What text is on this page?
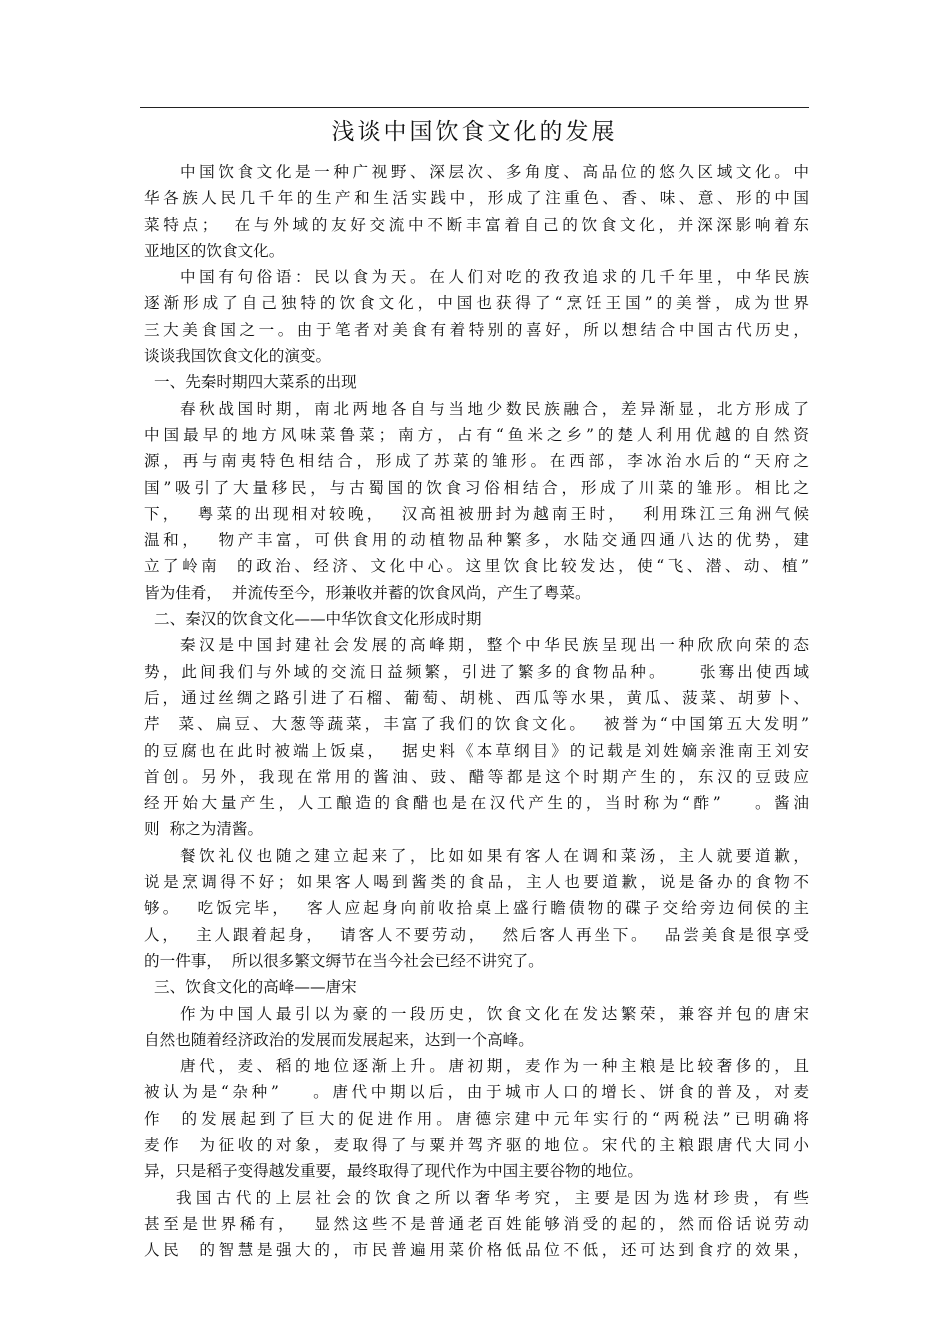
浅谈中国饮食文化的发展
中国饮食文化是一种广视野、深层次、多角度、高品位的悠久区域文化。中
华各族人民几千年的生产和生活实践中，形成了注重色、香、味、意、形的中国
菜特点；  在与外域的友好交流中不断丰富着自己的饮食文化，并深深影响着东
亚地区的饮食文化。
中国有句俗语：民以食为天。在人们对吃的孜孜追求的几千年里，中华民族
逐渐形成了自己独特的饮食文化，中国也获得了“烹饪王国”的美誉，成为世界
三大美食国之一。由于笔者对美食有着特别的喜好，所以想结合中国古代历史，
谈谈我国饮食文化的演变。
一、先秦时期四大菜系的出现
春秋战国时期，南北两地各自与当地少数民族融合，差异渐显，北方形成了
中国最早的地方风味菜鲁菜；南方，占有“鱼米之乡”的楚人利用优越的自然资
源，再与南夷特色相结合，形成了苏菜的雏形。在西部，李冰治水后的“天府之
国”吸引了大量移民，与古蜀国的饮食习俗相结合，形成了川菜的雏形。相比之
下，  粤菜的出现相对较晚，  汉高祖被册封为越南王时，  利用珠江三角洲气候
温和，  物产丰富，可供食用的动植物品种繁多，水陆交通四通八达的优势，建
立了岭南  的政治、经济、文化中心。这里饮食比较发达，使“飞、潜、动、植”
皆为佳肴，  并流传至今，形兼收并蓄的饮食风尚，产生了粤菜。
二、秦汉的饮食文化——中华饮食文化形成时期
秦汉是中国封建社会发展的高峰期，整个中华民族呈现出一种欣欣向荣的态
势，此间我们与外域的交流日益频繁，引进了繁多的食物品种。    张骞出使西域
后，通过丝绸之路引进了石榴、葡萄、胡桃、西瓜等水果，黄瓜、菠菜、胡萝卜、
芹  菜、扁豆、大葱等蔬菜，丰富了我们的饮食文化。  被誉为“中国第五大发明”
的豆腐也在此时被端上饭桌，  据史料《本草纲目》的记载是刘姓嫡亲淮南王刘安
首创。另外，我现在常用的酱油、豉、醋等都是这个时期产生的，东汉的豆豉应
经开始大量产生，人工酿造的食醋也是在汉代产生的，当时称为“酢”    。酱油
则  称之为清酱。
餐饮礼仪也随之建立起来了，比如如果有客人在调和菜汤，主人就要道歉，
说是烹调得不好；如果客人喝到酱类的食品，主人也要道歉，说是备办的食物不
够。  吃饭完毕，  客人应起身向前收拾桌上盛行瞻债物的碟子交给旁边伺侯的主
人，  主人跟着起身，  请客人不要劳动，  然后客人再坐下。  品尝美食是很享受
的一件事，  所以很多繁文缛节在当今社会已经不讲究了。
三、饮食文化的高峰——唐宋
作为中国人最引以为豪的一段历史，饮食文化在发达繁荣，兼容并包的唐宋
自然也随着经济政治的发展而发展起来，达到一个高峰。
唐代，麦、稻的地位逐渐上升。唐初期，麦作为一种主粮是比较奢侈的，且
被认为是“杂种”    。唐代中期以后，由于城市人口的增长、饼食的普及，对麦
作  的发展起到了巨大的促进作用。唐德宗建中元年实行的“两税法”已明确将
麦作  为征收的对象，麦取得了与粟并驾齐驱的地位。宋代的主粮跟唐代大同小
异，只是稻子变得越发重要，最终取得了现代作为中国主要谷物的地位。
我国古代的上层社会的饮食之所以奢华考究，主要是因为选材珍贵，有些
甚至是世界稀有，  显然这些不是普通老百姓能够消受的起的，然而俗话说劳动
人民  的智慧是强大的，市民普遍用菜价格低品位不低，还可达到食疗的效果，
